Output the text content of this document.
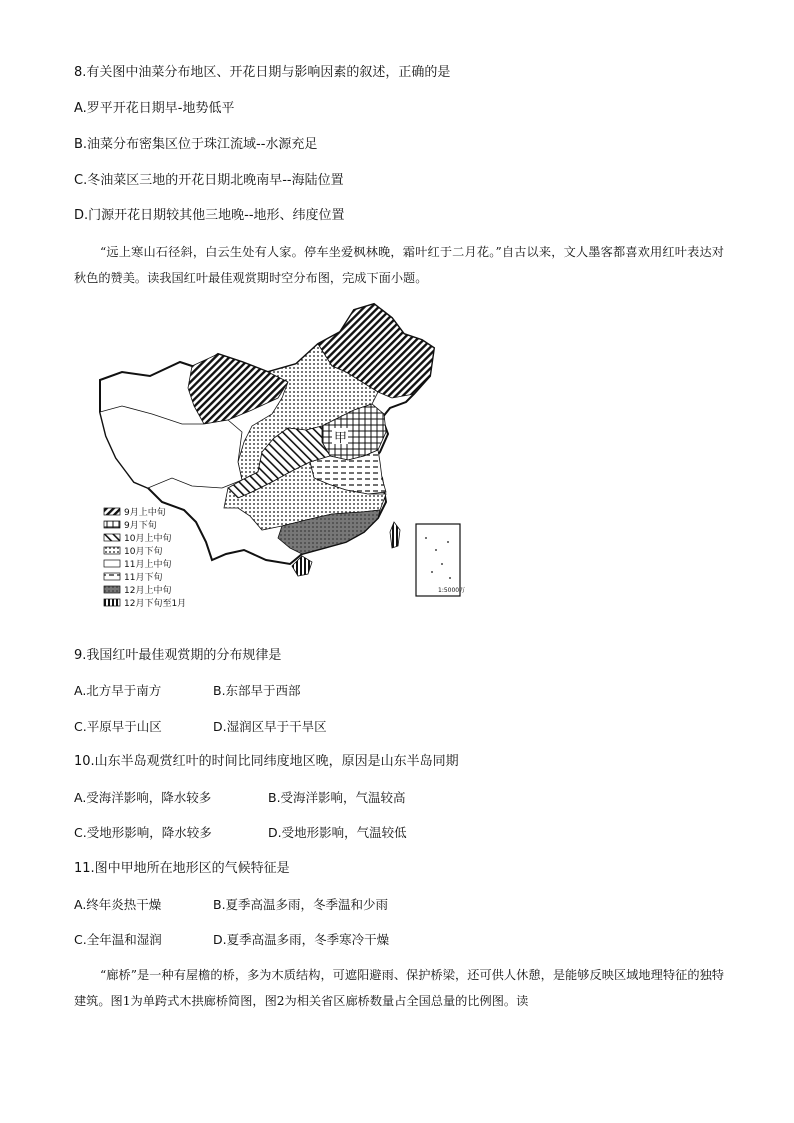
8.有关图中油菜分布地区、开花日期与影响因素的叙述，正确的是
A.罗平开花日期早-地势低平
B.油菜分布密集区位于珠江流域--水源充足
C.冬油菜区三地的开花日期北晚南早--海陆位置
D.门源开花日期较其他三地晚--地形、纬度位置
“远上寒山石径斜，白云生处有人家。停车坐爱枫林晚，霜叶红于二月花。”自古以来，文人墨客都喜欢用红叶表达对秋色的赞美。读我国红叶最佳观赏期时空分布图，完成下面小题。
1:5000万
甲
9月上中旬
9月下旬
10月上中旬
10月下旬
11月上中旬
11月下旬
12月上中旬
12月下旬至1月
9.我国红叶最佳观赏期的分布规律是
A.北方早于南方	B.东部早于西部
C.平原早于山区	D.湿润区早于干旱区
10.山东半岛观赏红叶的时间比同纬度地区晚，原因是山东半岛同期
A.受海洋影响，降水较多	B.受海洋影响，气温较高
C.受地形影响，降水较多	D.受地形影响，气温较低
11.图中甲地所在地形区的气候特征是
A.终年炎热干燥	B.夏季高温多雨，冬季温和少雨
C.全年温和湿润	D.夏季高温多雨，冬季寒冷干燥
“廊桥”是一种有屋檐的桥，多为木质结构，可遮阳避雨、保护桥梁，还可供人休憩，是能够反映区域地理特征的独特建筑。图1为单跨式木拱廊桥简图，图2为相关省区廊桥数量占全国总量的比例图。读
